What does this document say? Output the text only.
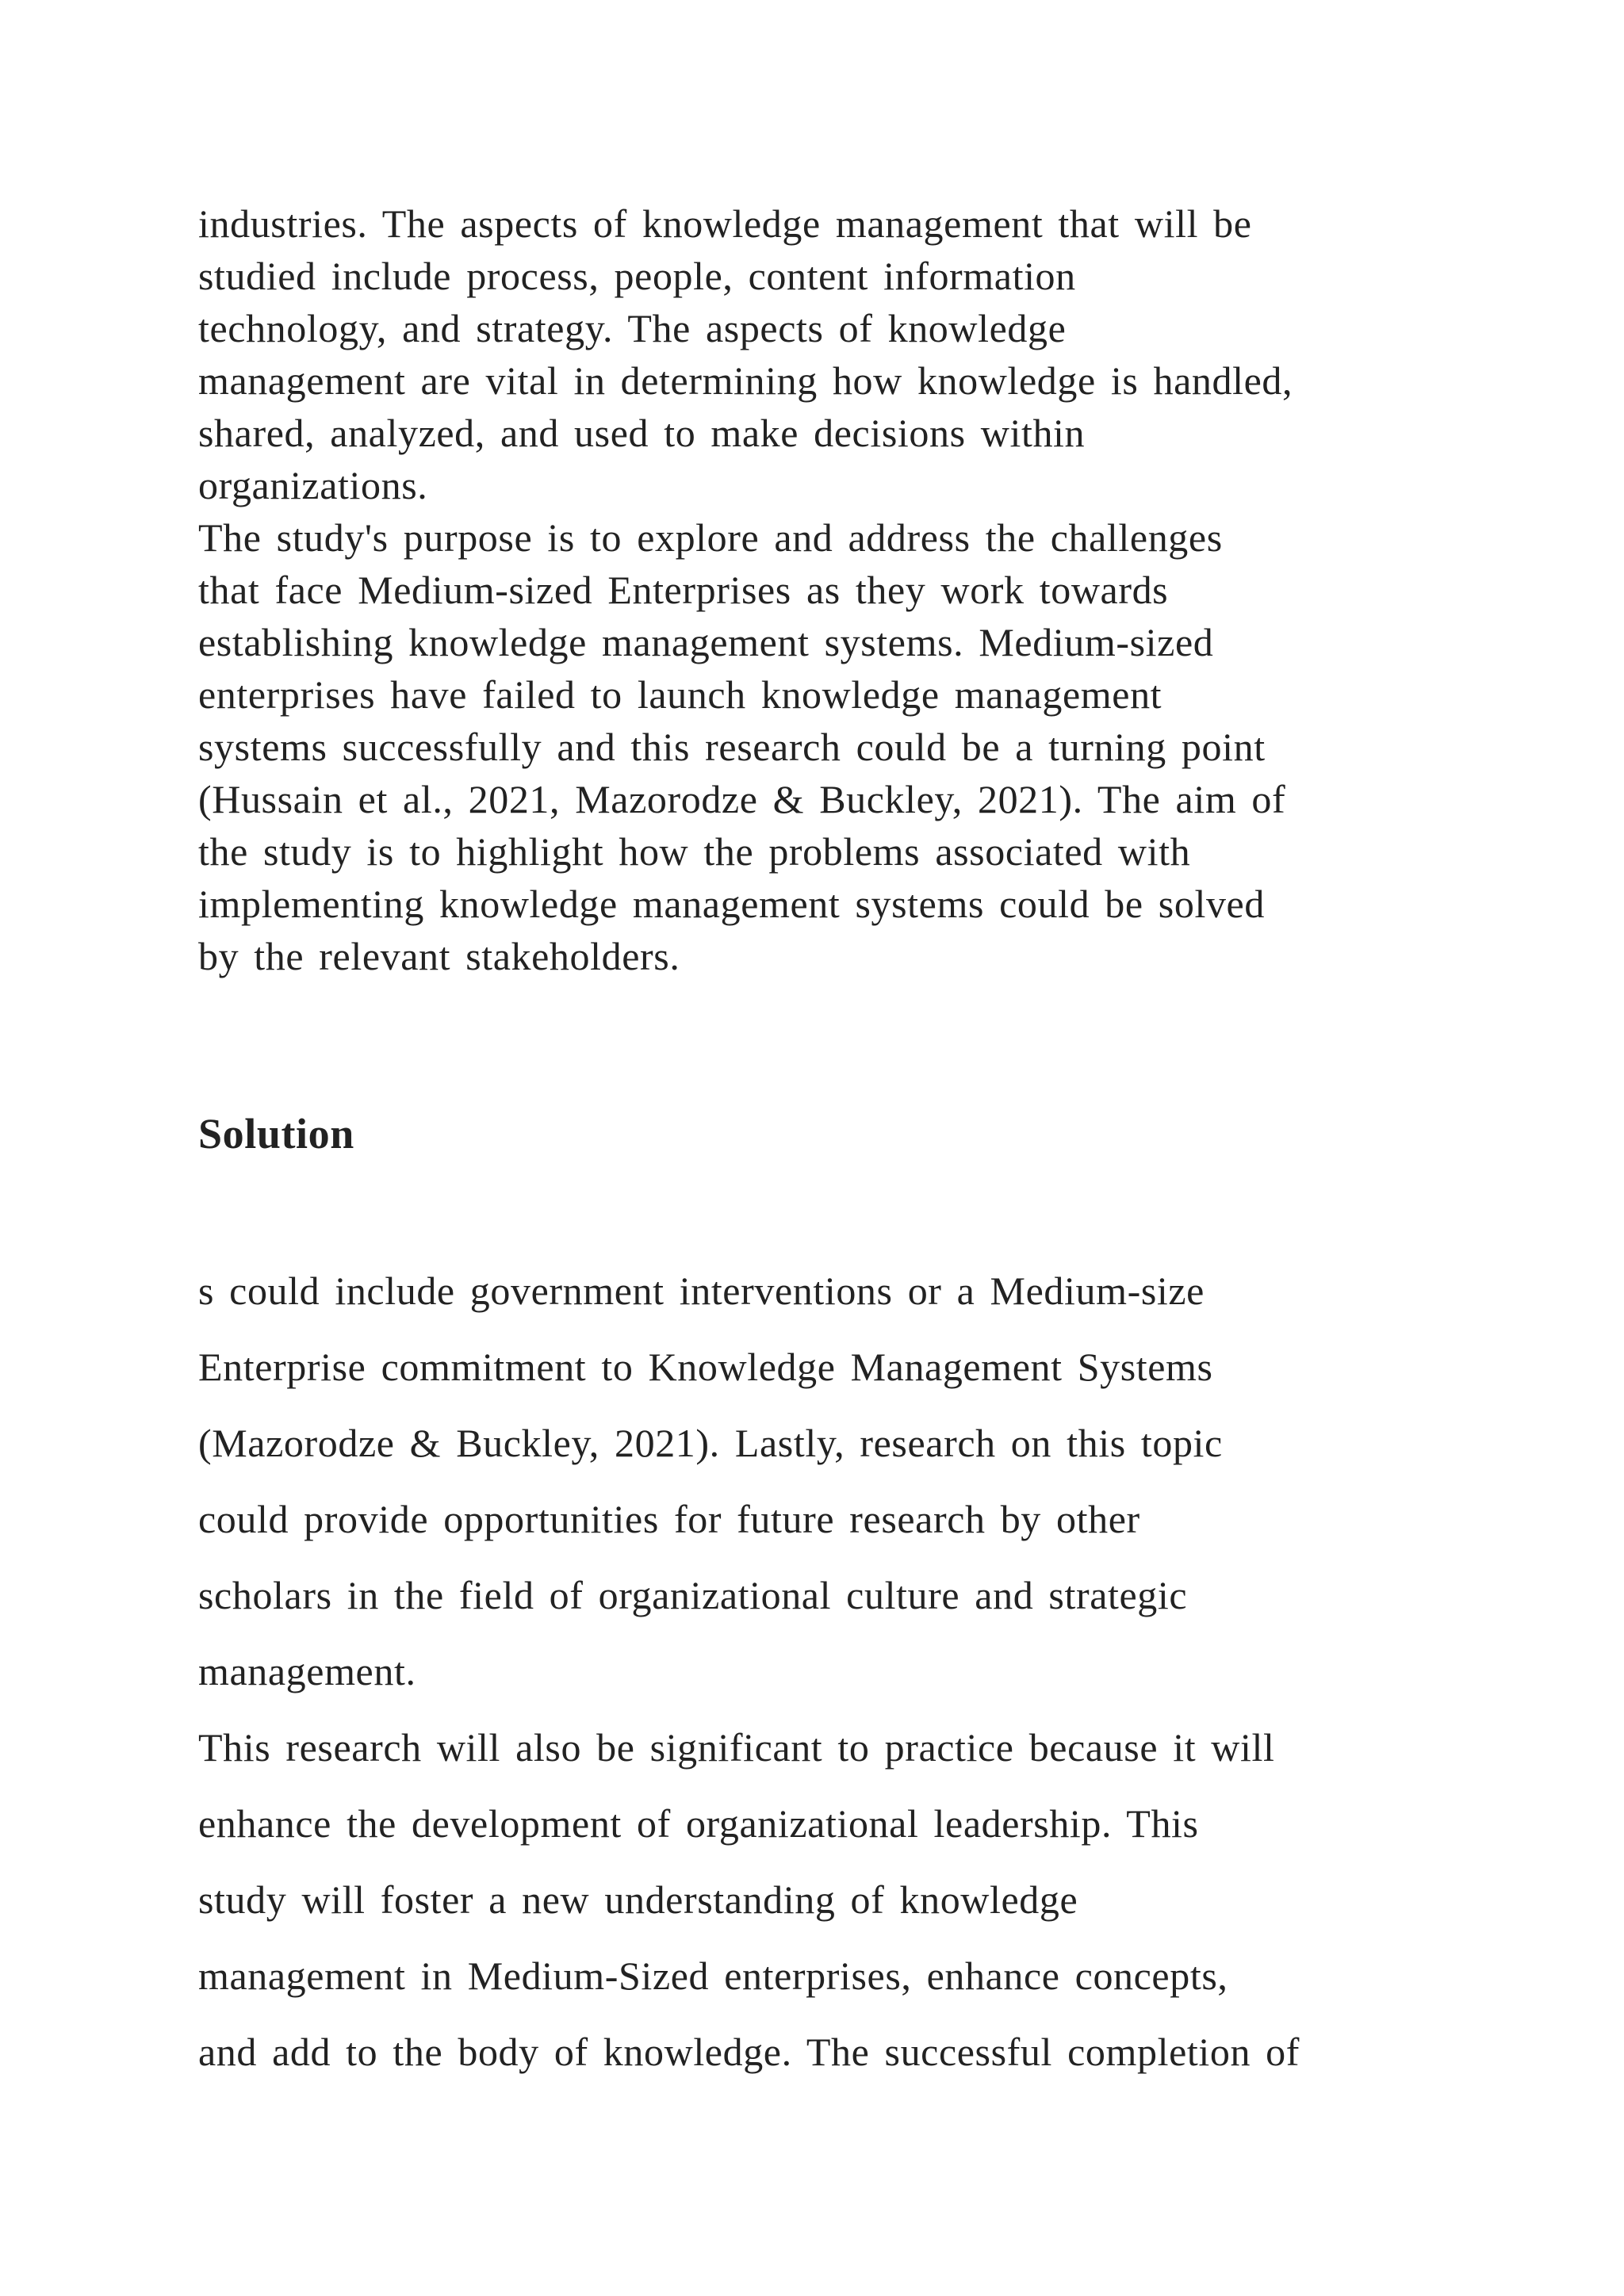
industries. The aspects of knowledge management that will be

studied include process, people, content information

technology, and strategy. The aspects of knowledge

management are vital in determining how knowledge is handled,

shared, analyzed, and used to make decisions within

organizations.

The study's purpose is to explore and address the challenges

that face Medium-sized Enterprises as they work towards

establishing knowledge management systems. Medium-sized

enterprises have failed to launch knowledge management

systems successfully and this research could be a turning point

(Hussain et al., 2021, Mazorodze & Buckley, 2021). The aim of

the study is to highlight how the problems associated with

implementing knowledge management systems could be solved

by the relevant stakeholders.

Solution

s could include government interventions or a Medium-size

Enterprise commitment to Knowledge Management Systems

(Mazorodze & Buckley, 2021). Lastly, research on this topic

could provide opportunities for future research by other

scholars in the field of organizational culture and strategic

management.

This research will also be significant to practice because it will

enhance the development of organizational leadership. This

study will foster a new understanding of knowledge

management in Medium-Sized enterprises, enhance concepts,

and add to the body of knowledge. The successful completion of
